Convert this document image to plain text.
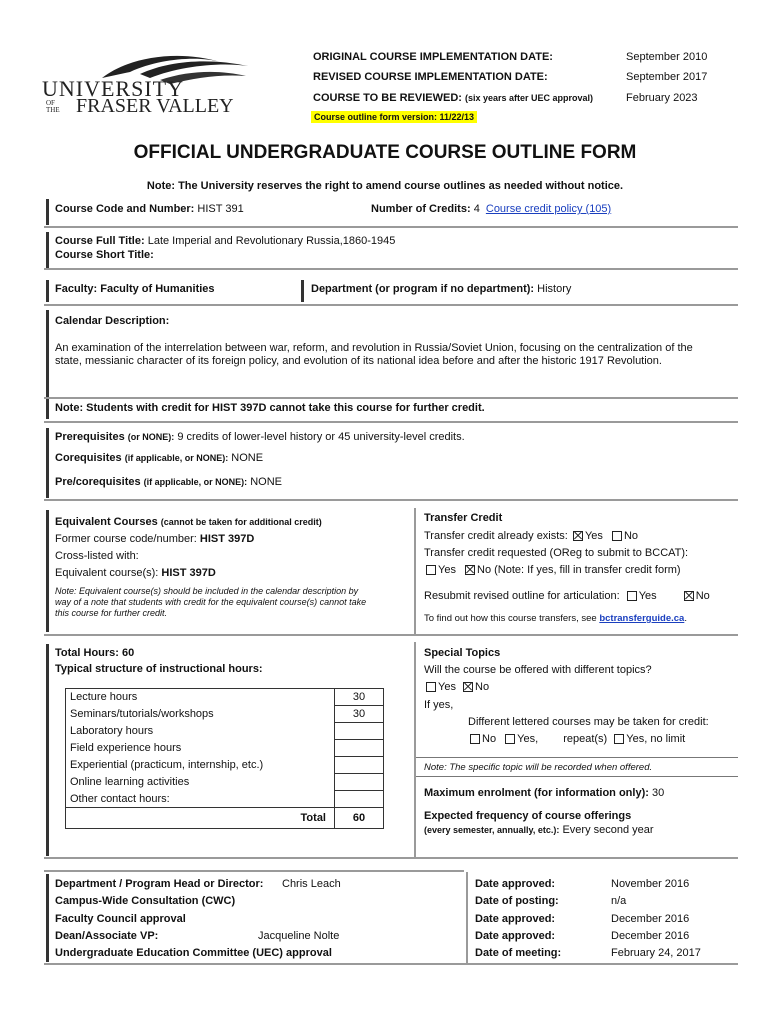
UNIVERSITY
OF THE FRASER VALLEY
ORIGINAL COURSE IMPLEMENTATION DATE:	September 2010
REVISED COURSE IMPLEMENTATION DATE:	September 2017
COURSE TO BE REVIEWED: (six years after UEC approval)	February 2023
Course outline form version: 11/22/13
OFFICIAL UNDERGRADUATE COURSE OUTLINE FORM
Note: The University reserves the right to amend course outlines as needed without notice.
Course Code and Number: HIST 391	Number of Credits: 4 Course credit policy (105)
Course Full Title: Late Imperial and Revolutionary Russia,1860-1945
Course Short Title:
Faculty: Faculty of Humanities	Department (or program if no department): History
Calendar Description:
An examination of the interrelation between war, reform, and revolution in Russia/Soviet Union, focusing on the centralization of the
state, messianic character of its foreign policy, and evolution of its national idea before and after the historic 1917 Revolution.
Note: Students with credit for HIST 397D cannot take this course for further credit.
Prerequisites (or NONE): 9 credits of lower-level history or 45 university-level credits.
Corequisites (if applicable, or NONE): NONE
Pre/corequisites (if applicable, or NONE): NONE
Equivalent Courses (cannot be taken for additional credit)
Former course code/number: HIST 397D
Cross-listed with:
Equivalent course(s): HIST 397D
Note: Equivalent course(s) should be included in the calendar description by
way of a note that students with credit for the equivalent course(s) cannot take
this course for further credit.
Transfer Credit
Transfer credit already exists: Yes No
Transfer credit requested (OReg to submit to BCCAT):
Yes No (Note: If yes, fill in transfer credit form)
Resubmit revised outline for articulation: Yes	No
To find out how this course transfers, see bctransferguide.ca.
Total Hours: 60
Typical structure of instructional hours:
Lecture hours	30
Seminars/tutorials/workshops	30
Laboratory hours	
Field experience hours	
Experiential (practicum, internship, etc.)	
Online learning activities	
Other contact hours:	
Total	60
Special Topics
Will the course be offered with different topics?
Yes No
If yes,
Different lettered courses may be taken for credit:
No Yes, repeat(s) Yes, no limit
Note: The specific topic will be recorded when offered.
Maximum enrolment (for information only): 30
Expected frequency of course offerings
(every semester, annually, etc.): Every second year
Department / Program Head or Director: Chris Leach	Date approved:	November 2016
Campus-Wide Consultation (CWC)	Date of posting:	n/a
Faculty Council approval	Date approved:	December 2016
Dean/Associate VP:	Jacqueline Nolte	Date approved:	December 2016
Undergraduate Education Committee (UEC) approval	Date of meeting:	February 24, 2017
